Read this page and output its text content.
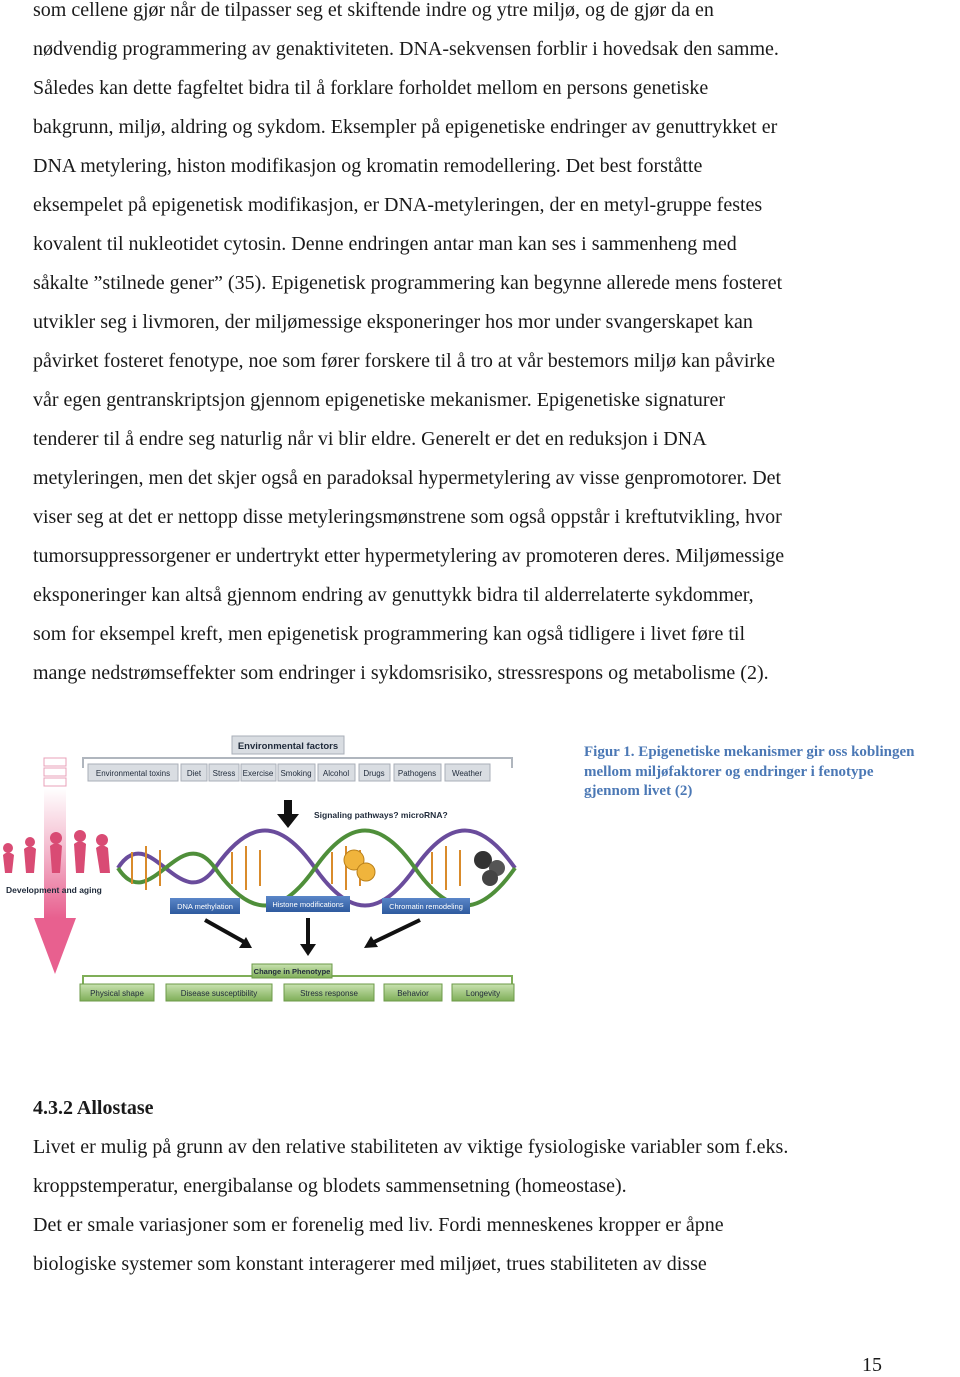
som cellene gjør når de tilpasser seg et skiftende indre og ytre miljø, og de gjør da en
nødvendig programmering av genaktiviteten. DNA-sekvensen forblir i hovedsak den samme.
Således kan dette fagfeltet bidra til å forklare forholdet mellom en persons genetiske
bakgrunn, miljø, aldring og sykdom. Eksempler på epigenetiske endringer av genuttrykket er
DNA metylering, histon modifikasjon og kromatin remodellering. Det best forståtte
eksempelet på epigenetisk modifikasjon, er DNA-metyleringen, der en metyl-gruppe festes
kovalent til nukleotidet cytosin. Denne endringen antar man kan ses i sammenheng med
såkalte ”stilnede gener” (35). Epigenetisk programmering kan begynne allerede mens fosteret
utvikler seg i livmoren, der miljømessige eksponeringer hos mor under svangerskapet kan
påvirket fosteret fenotype, noe som fører forskere til å tro at vår bestemors miljø kan påvirke
vår egen gentranskriptsjon gjennom epigenetiske mekanismer. Epigenetiske signaturer
tenderer til å endre seg naturlig når vi blir eldre. Generelt er det en reduksjon i DNA
metyleringen, men det skjer også en paradoksal hypermetylering av visse genpromotorer. Det
viser seg at det er nettopp disse metyleringsmønstrene som også oppstår i kreftutvikling, hvor
tumorsuppressorgener er undertrykt etter hypermetylering av promoteren deres. Miljømessige
eksponeringer kan altså gjennom endring av genuttykk bidra til alderrelaterte sykdommer,
som for eksempel kreft, men epigenetisk programmering kan også tidligere i livet føre til
mange nedstrømseffekter som endringer i sykdomsrisiko, stressrespons og metabolisme (2).
Environmental factors
Environmental toxins Diet Stress Exercise Smoking Alcohol Drugs Pathogens Weather
Signaling pathways? microRNA?
Development and aging
DNA methylation	Histone modifications	Chromatin remodeling
Change in Phenotype
Physical shape	Disease susceptibility	Stress response	Behavior	Longevity
Figur 1. Epigenetiske mekanismer gir oss koblingen
mellom miljøfaktorer og endringer i fenotype
gjennom livet (2)
4.3.2 Allostase
Livet er mulig på grunn av den relative stabiliteten av viktige fysiologiske variabler som f.eks.
kroppstemperatur, energibalanse og blodets sammensetning (homeostase).
Det er smale variasjoner som er forenelig med liv. Fordi menneskenes kropper er åpne
biologiske systemer som konstant interagerer med miljøet, trues stabiliteten av disse
15
